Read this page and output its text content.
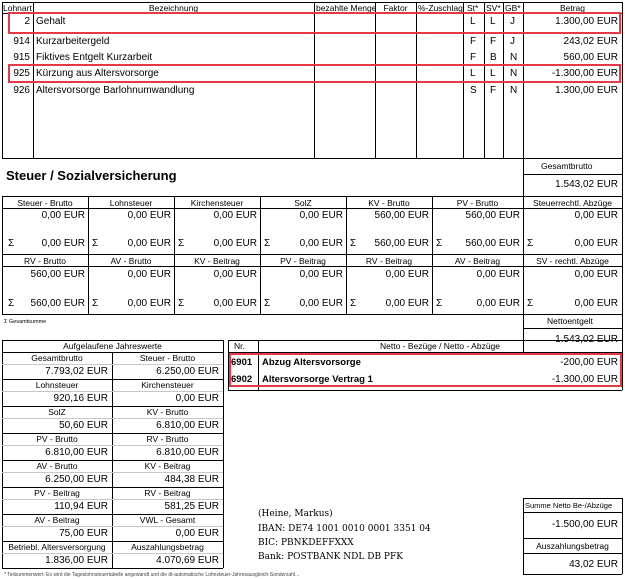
Lohnart	Bezeichnung	bezahlte Menge Faktor	%-Zuschlag St* SV* GB*	Betrag
2 Gehalt	L L J	1.300,00 EUR
914 Kurzarbeitergeld	F F J	243,02 EUR
915 Fiktives Entgelt Kurzarbeit	F B N	560,00 EUR
925 Kürzung aus Altersvorsorge	L L N	-1.300,00 EUR
926 Altersvorsorge Barlohnumwandlung	S F N	1.300,00 EUR
Gesamtbrutto
1.543,02 EUR
Steuer / Sozialversicherung
Steuer - Brutto	Lohnsteuer	Kirchensteuer	SolZ	KV - Brutto	PV - Brutto	Steuerrechtl. Abzüge
0,00 EUR	0,00 EUR	0,00 EUR	0,00 EUR	560,00 EUR	560,00 EUR	0,00 EUR
Σ	Σ	Σ	Σ	Σ	Σ	Σ
0,00 EUR	0,00 EUR	0,00 EUR	0,00 EUR	560,00 EUR	560,00 EUR	0,00 EUR
RV - Brutto	AV - Brutto	KV - Beitrag	PV - Beitrag	RV - Beitrag	AV - Beitrag	SV - rechtl. Abzüge
560,00 EUR	0,00 EUR	0,00 EUR	0,00 EUR	0,00 EUR	0,00 EUR	0,00 EUR
Σ	Σ	Σ	Σ	Σ	Σ	Σ
560,00 EUR	0,00 EUR	0,00 EUR	0,00 EUR	0,00 EUR	0,00 EUR	0,00 EUR
Σ Gesamtsumme	Nettoentgelt
1.543,02 EUR
Aufgelaufene Jahreswerte
Gesamtbrutto	Steuer - Brutto
7.793,02 EUR	6.250,00 EUR
Lohnsteuer	Kirchensteuer
920,16 EUR	0,00 EUR
SolZ	KV - Brutto
50,60 EUR	6.810,00 EUR
PV - Brutto	RV - Brutto
6.810,00 EUR	6.810,00 EUR
AV - Brutto	KV - Beitrag
6.250,00 EUR	484,38 EUR
PV - Beitrag	RV - Beitrag
110,94 EUR	581,25 EUR
AV - Beitrag	VWL - Gesamt
75,00 EUR	0,00 EUR
Betriebl. Altersversorgung	Auszahlungsbetrag
1.836,00 EUR	4.070,69 EUR
Nr.	Netto - Bezüge / Netto - Abzüge
6901 Abzug Altersvorsorge	-200,00 EUR
6902 Altersvorsorge Vertrag 1	-1.300,00 EUR
(Heine, Markus)
IBAN: DE74 1001 0010 0001 3351 04
BIC: PBNKDEFFXXX
Bank: POSTBANK NDL DB PFK
Summe Netto Be-/Abzüge
-1.500,00 EUR
Auszahlungsbetrag
43,02 EUR
* Teilsummenwert: Es wird die Tageslohnsteuertabelle angewandt und die dt-automatische Lohnsteuer-Jahresausgleich-Sonderzahl...
